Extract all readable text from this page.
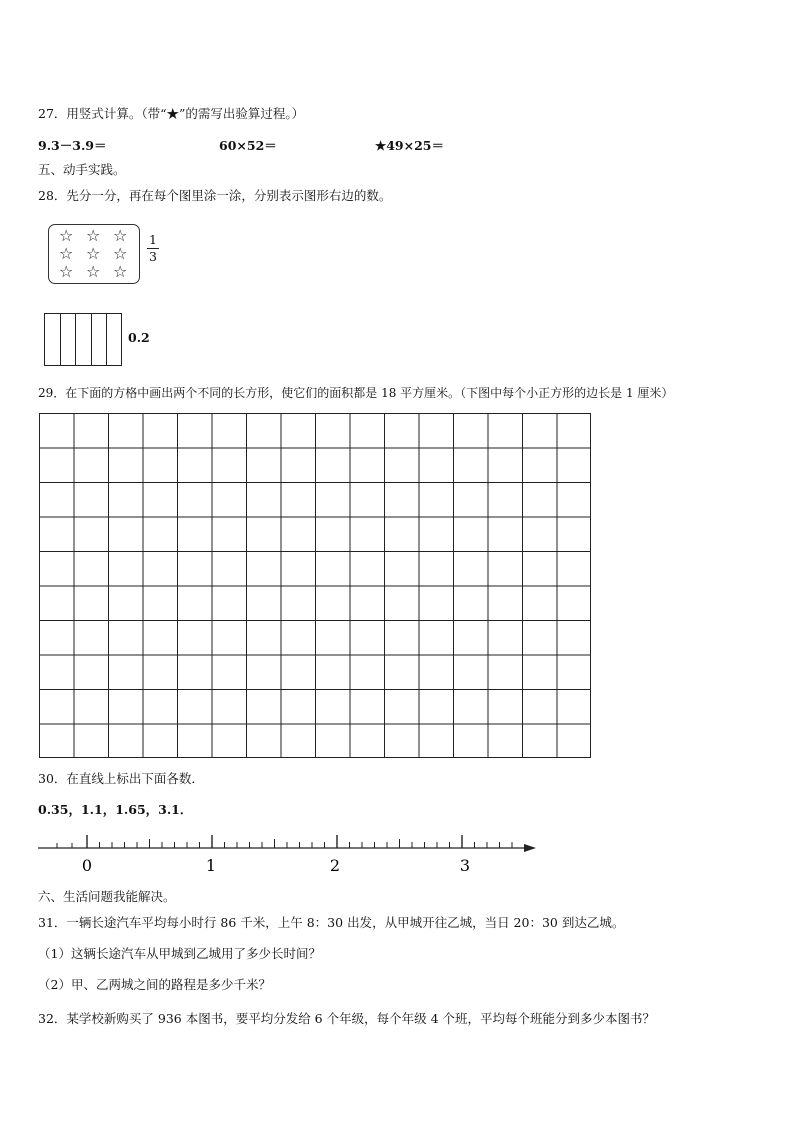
27．用竖式计算。（带“★”的需写出验算过程。）
9.3－3.9＝	60×52＝	★49×25＝
五、动手实践。
28．先分一分，再在每个图里涂一涂，分别表示图形右边的数。
☆ ☆ ☆
☆ ☆ ☆
☆ ☆ ☆
1
3
0.2
29．在下面的方格中画出两个不同的长方形，使它们的面积都是 18 平方厘米。（下图中每个小正方形的边长是 1 厘米）
30．在直线上标出下面各数．
0.35，1.1，1.65，3.1．
0	1	2	3
六、生活问题我能解决。
31．一辆长途汽车平均每小时行 86 千米，上午 8：30 出发，从甲城开往乙城，当日 20：30 到达乙城。
（1）这辆长途汽车从甲城到乙城用了多少长时间？
（2）甲、乙两城之间的路程是多少千米？
32．某学校新购买了 936 本图书，要平均分发给 6 个年级，每个年级 4 个班，平均每个班能分到多少本图书？
